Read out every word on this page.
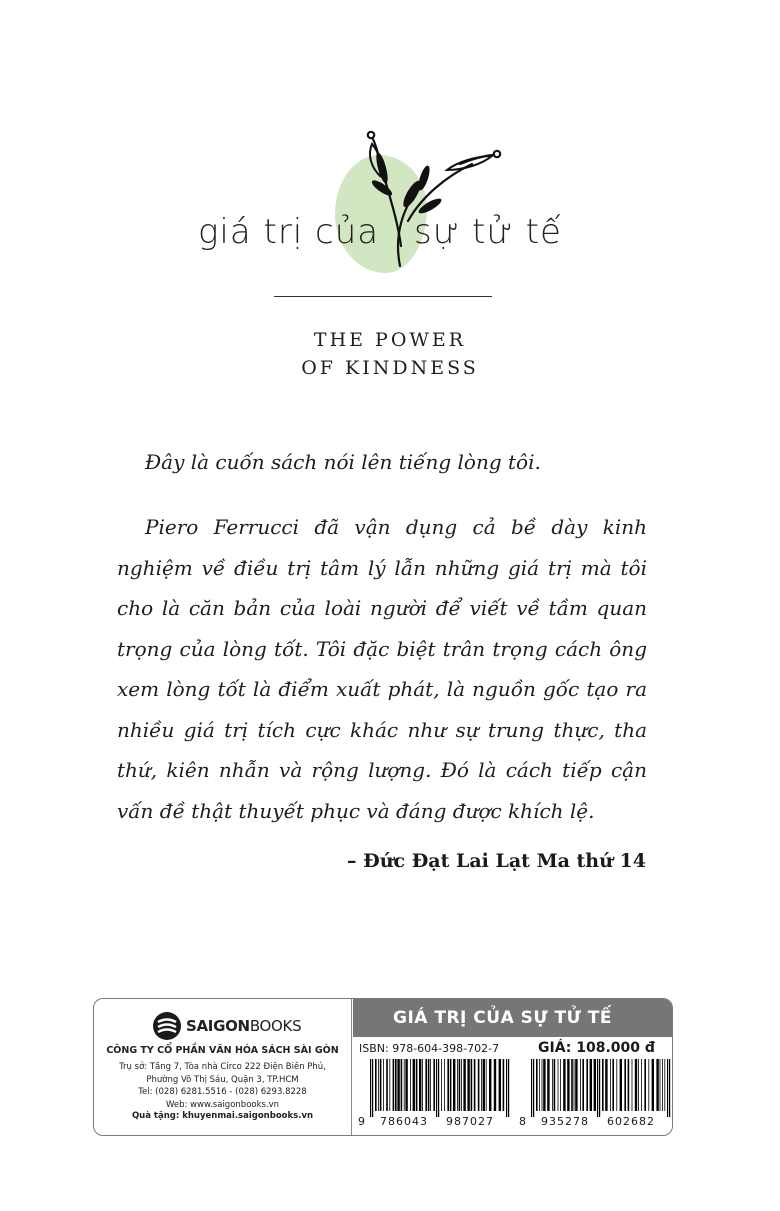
giá trị của sự tử tế
THE POWER
OF KINDNESS
Đây là cuốn sách nói lên tiếng lòng tôi.
Piero Ferrucci đã vận dụng cả bề dày kinh nghiệm về điều trị tâm lý lẫn những giá trị mà tôi cho là căn bản của loài người để viết về tầm quan trọng của lòng tốt. Tôi đặc biệt trân trọng cách ông xem lòng tốt là điểm xuất phát, là nguồn gốc tạo ra nhiều giá trị tích cực khác như sự trung thực, tha thứ, kiên nhẫn và rộng lượng. Đó là cách tiếp cận vấn đề thật thuyết phục và đáng được khích lệ.
– Đức Đạt Lai Lạt Ma thứ 14
SAIGONBOOKS
CÔNG TY CỔ PHẦN VĂN HÓA SÁCH SÀI GÒN
Trụ sở: Tầng 7, Tòa nhà Circo 222 Điện Biên Phủ,
Phường Võ Thị Sáu, Quận 3, TP.HCM
Tel: (028) 6281.5516 - (028) 6293.8228
Web: www.saigonbooks.vn
Quà tặng: khuyenmai.saigonbooks.vn
GIÁ TRỊ CỦA SỰ TỬ TẾ
ISBN: 978-604-398-702-7	GIÁ: 108.000 đ
9 786043 987027 8 935278 602682
